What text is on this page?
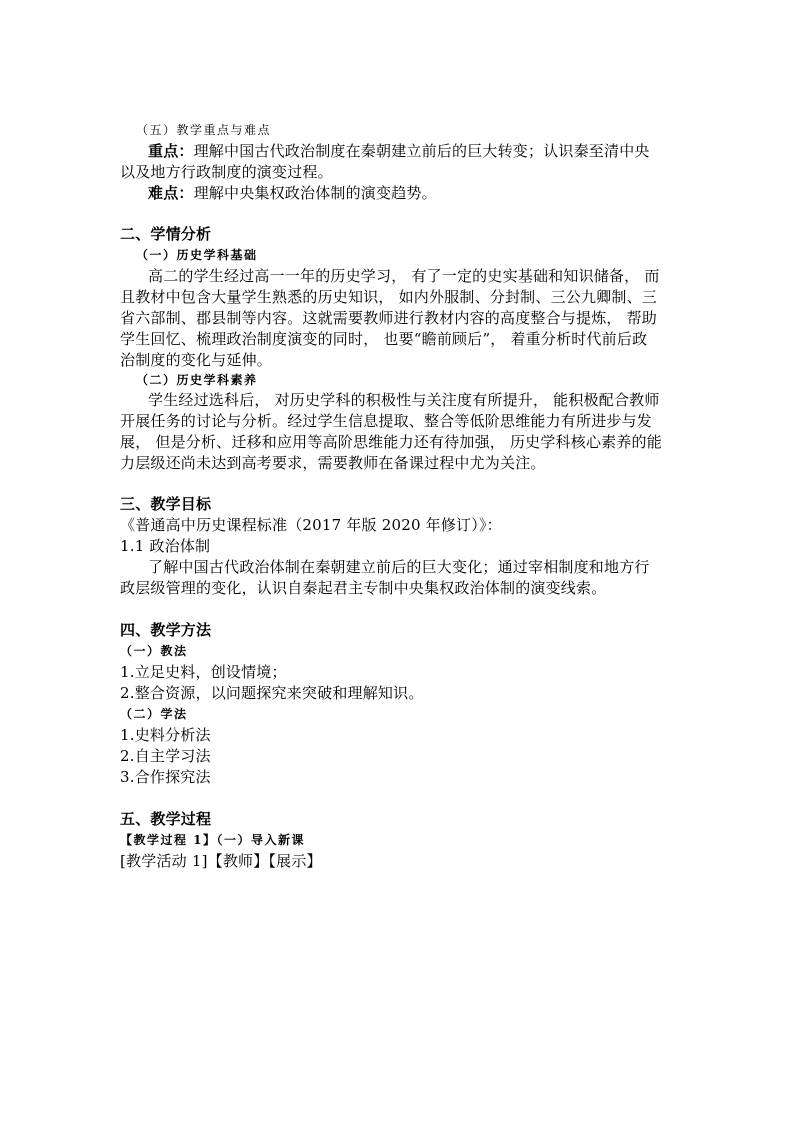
（五）教学重点与难点
重点：理解中国古代政治制度在秦朝建立前后的巨大转变；认识秦至清中央
以及地方行政制度的演变过程。
难点：理解中央集权政治体制的演变趋势。
二、学情分析
（一）历史学科基础
高二的学生经过高一一年的历史学习， 有了一定的史实基础和知识储备， 而
且教材中包含大量学生熟悉的历史知识， 如内外服制、分封制、三公九卿制、三
省六部制、郡县制等内容。这就需要教师进行教材内容的高度整合与提炼， 帮助
学生回忆、梳理政治制度演变的同时， 也要“瞻前顾后”， 着重分析时代前后政
治制度的变化与延伸。
（二）历史学科素养
学生经过选科后， 对历史学科的积极性与关注度有所提升， 能积极配合教师
开展任务的讨论与分析。经过学生信息提取、整合等低阶思维能力有所进步与发
展， 但是分析、迁移和应用等高阶思维能力还有待加强， 历史学科核心素养的能
力层级还尚未达到高考要求，需要教师在备课过程中尤为关注。
三、教学目标
《普通高中历史课程标准（2017 年版 2020 年修订）》：
1.1 政治体制
了解中国古代政治体制在秦朝建立前后的巨大变化；通过宰相制度和地方行
政层级管理的变化，认识自秦起君主专制中央集权政治体制的演变线索。
四、教学方法
（一）教法
1.立足史料，创设情境；
2.整合资源，以问题探究来突破和理解知识。
（二）学法
1.史料分析法
2.自主学习法
3.合作探究法
五、教学过程
【教学过程 1】（一）导入新课
[教学活动 1]【教师】【展示】
